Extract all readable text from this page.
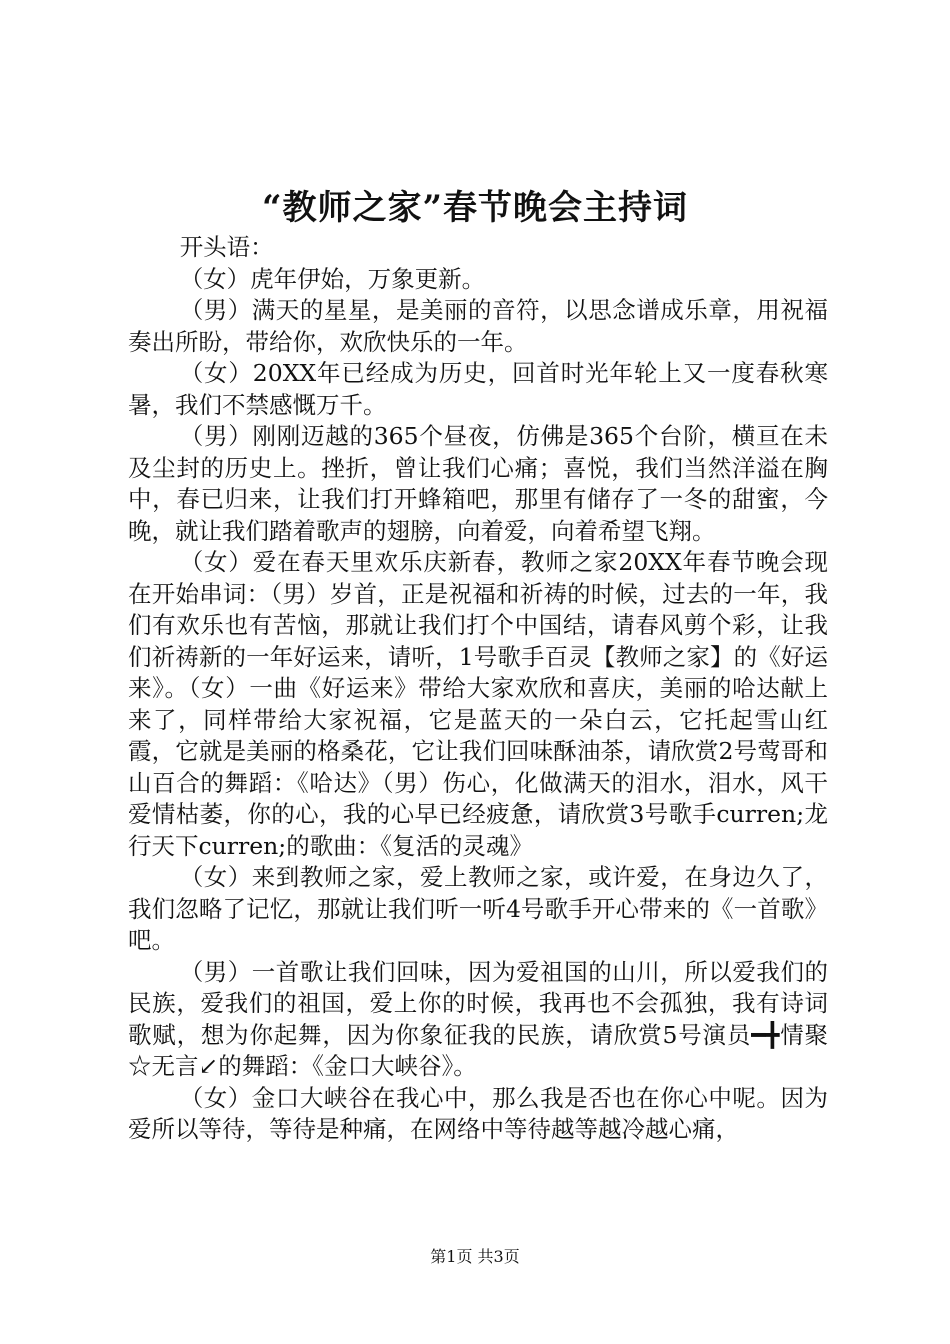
“教师之家”春节晚会主持词

开头语：

（女）虎年伊始，万象更新。

（男）满天的星星，是美丽的音符，以思念谱成乐章，用祝福奏出所盼，带给你，欢欣快乐的一年。

（女）20XX年已经成为历史，回首时光年轮上又一度春秋寒暑，我们不禁感慨万千。

（男）刚刚迈越的365个昼夜，仿佛是365个台阶，横亘在未及尘封的历史上。挫折，曾让我们心痛；喜悦，我们当然洋溢在胸中，春已归来，让我们打开蜂箱吧，那里有储存了一冬的甜蜜，今晚，就让我们踏着歌声的翅膀，向着爱，向着希望飞翔。

（女）爱在春天里欢乐庆新春，教师之家20XX年春节晚会现在开始串词：（男）岁首，正是祝福和祈祷的时候，过去的一年，我们有欢乐也有苦恼，那就让我们打个中国结，请春风剪个彩，让我们祈祷新的一年好运来，请听，1号歌手百灵【教师之家】的《好运来》。（女）一曲《好运来》带给大家欢欣和喜庆，美丽的哈达献上来了，同样带给大家祝福，它是蓝天的一朵白云，它托起雪山红霞，它就是美丽的格桑花，它让我们回味酥油茶，请欣赏2号莺哥和山百合的舞蹈：《哈达》（男）伤心，化做满天的泪水，泪水，风干爱情枯萎，你的心，我的心早已经疲惫，请欣赏3号歌手curren;龙行天下curren;的歌曲：《复活的灵魂》

（女）来到教师之家，爱上教师之家，或许爱，在身边久了，我们忽略了记忆，那就让我们听一听4号歌手开心带来的《一首歌》吧。

（男）一首歌让我们回味，因为爱祖国的山川，所以爱我们的民族，爱我们的祖国，爱上你的时候，我再也不会孤独，我有诗词歌赋，想为你起舞，因为你象征我的民族，请欣赏5号演员━╋情聚☆无言↙的舞蹈：《金口大峡谷》。

（女）金口大峡谷在我心中，那么我是否也在你心中呢。因为爱所以等待，等待是种痛，在网络中等待越等越冷越心痛，

第1页 共3页
